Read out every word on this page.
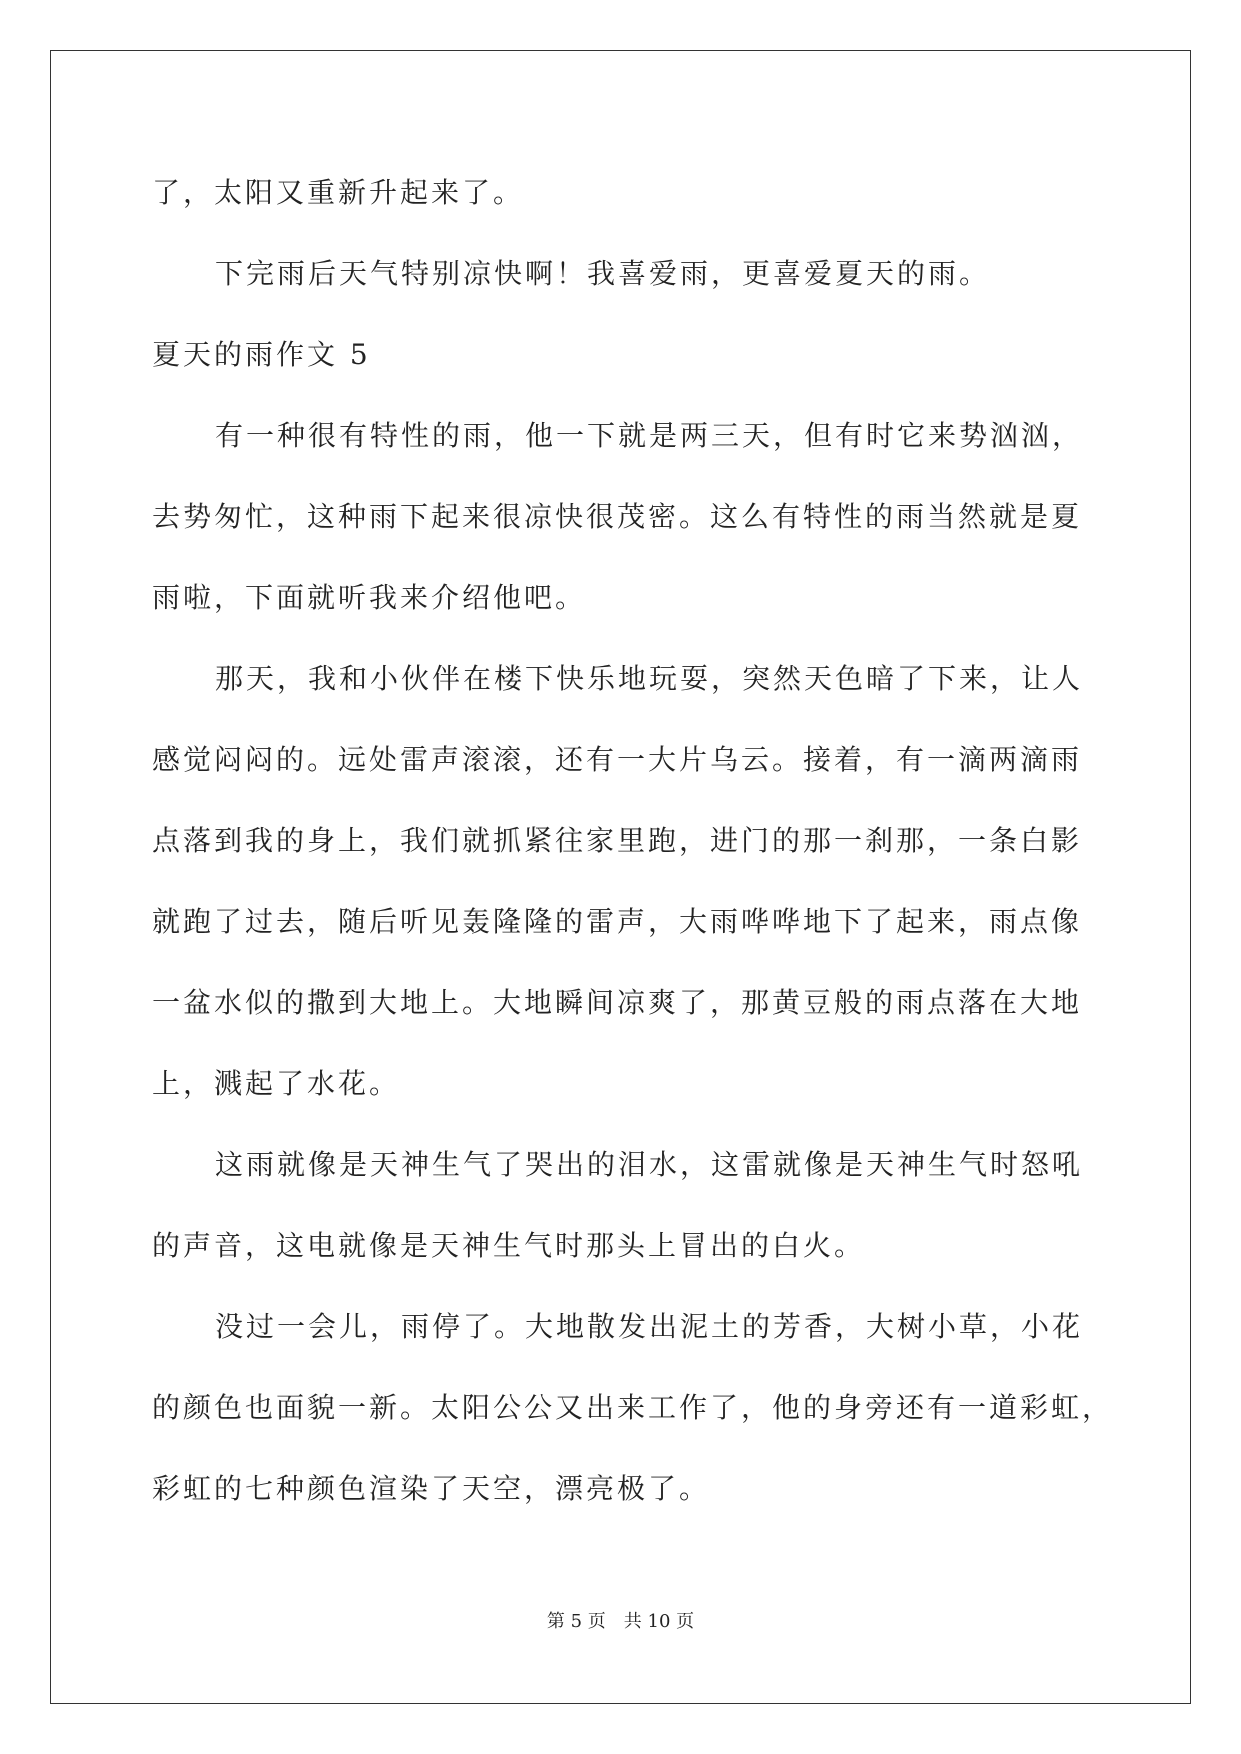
了，太阳又重新升起来了。

下完雨后天气特别凉快啊！我喜爱雨，更喜爱夏天的雨。

夏天的雨作文 5

有一种很有特性的雨，他一下就是两三天，但有时它来势汹汹，

去势匆忙，这种雨下起来很凉快很茂密。这么有特性的雨当然就是夏

雨啦，下面就听我来介绍他吧。

那天，我和小伙伴在楼下快乐地玩耍，突然天色暗了下来，让人

感觉闷闷的。远处雷声滚滚，还有一大片乌云。接着，有一滴两滴雨

点落到我的身上，我们就抓紧往家里跑，进门的那一刹那，一条白影

就跑了过去，随后听见轰隆隆的雷声，大雨哗哗地下了起来，雨点像

一盆水似的撒到大地上。大地瞬间凉爽了，那黄豆般的雨点落在大地

上，溅起了水花。

这雨就像是天神生气了哭出的泪水，这雷就像是天神生气时怒吼

的声音，这电就像是天神生气时那头上冒出的白火。

没过一会儿，雨停了。大地散发出泥土的芳香，大树小草，小花

的颜色也面貌一新。太阳公公又出来工作了，他的身旁还有一道彩虹，

彩虹的七种颜色渲染了天空，漂亮极了。

第 5 页　共 10 页
